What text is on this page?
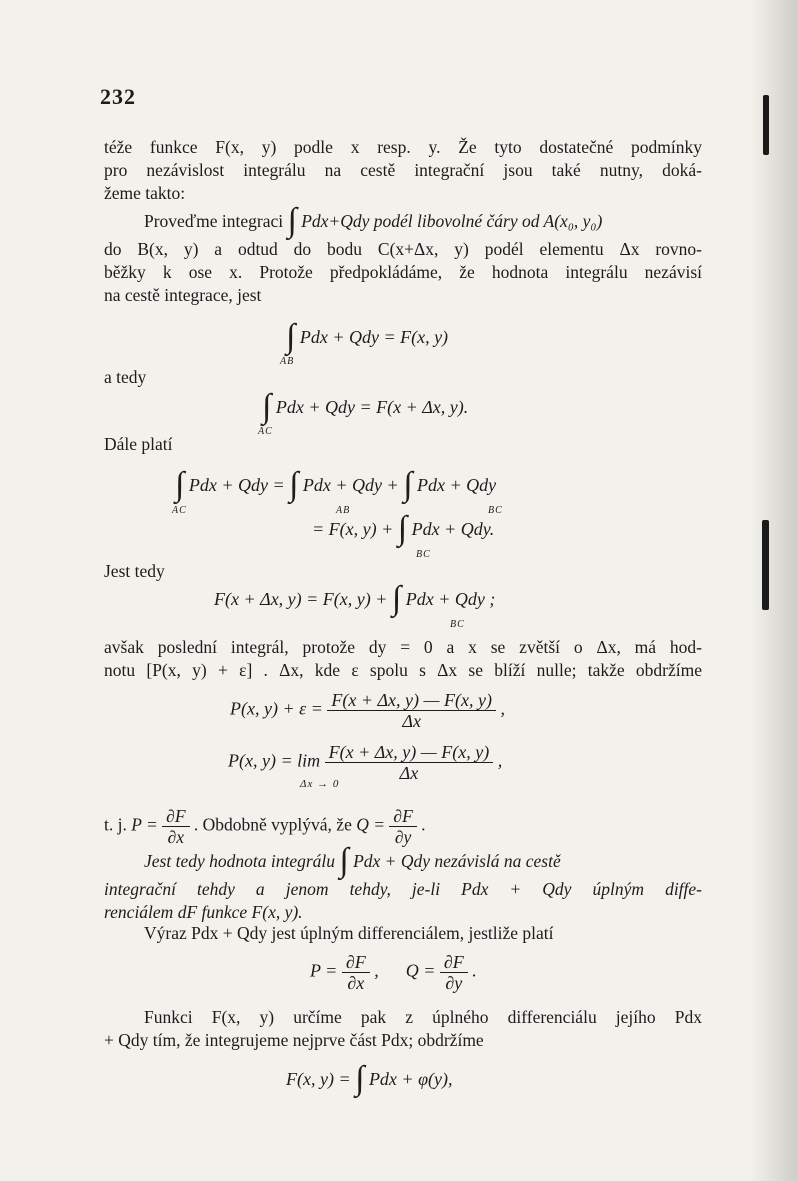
232
téže funkce F(x, y) podle x resp. y. Že tyto dostatečné podmínky
pro nezávislost integrálu na cestě integrační jsou také nutny, doká-
žeme takto:
Proveďme integraci ∫ Pdx+Qdy podél libovolné čáry od A(x₀, y₀)
do B(x, y) a odtud do bodu C(x+Δx, y) podél elementu Δx rovno-
běžky k ose x. Protože předpokládáme, že hodnota integrálu nezávisí
na cestě integrace, jest
∫ Pdx + Qdy = F(x, y)
AB
a tedy
∫ Pdx + Qdy = F(x + Δx, y).
AC
Dále platí
∫ Pdx + Qdy = ∫ Pdx + Qdy + ∫ Pdx + Qdy
AC	AB	BC
= F(x, y) + ∫ Pdx + Qdy.
BC
Jest tedy
F(x + Δx, y) = F(x, y) + ∫ Pdx + Qdy ;
BC
avšak poslední integrál, protože dy = 0 a x se zvětší o Δx, má hod-
notu [P(x, y) + ε] . Δx, kde ε spolu s Δx se blíží nulle; takže obdržíme
P(x, $y) + \varepsilon = \frac{F(x + \Delta x, y) — F(x, y)}{\Delta x}$ ,
P(x, $y) = \lim \frac{F(x + \Delta x, y) — F(x, y)}{\Delta x}$ ,
Δx → 0
t. j. $P = \frac{\partial F}{\partial x}$ . Obdobně vyplývá, že $Q = \frac{\partial F}{\partial y}$ .
Jest tedy hodnota integrálu ∫ Pdx + Qdy nezávislá na cestě
integrační tehdy a jenom tehdy, je-li Pdx + Qdy úplným diffe-
renciálem dF funkce F(x, y).
Výraz Pdx + Qdy jest úplným differenciálem, jestliže platí
$P = \frac{\partial F}{\partial x}$ , $Q = \frac{\partial F}{\partial y}$ .
Funkci F(x, y) určíme pak z úplného differenciálu jejího Pdx
+ Qdy tím, že integrujeme nejprve část Pdx; obdržíme
F(x, y) = ∫ Pdx + φ(y),
